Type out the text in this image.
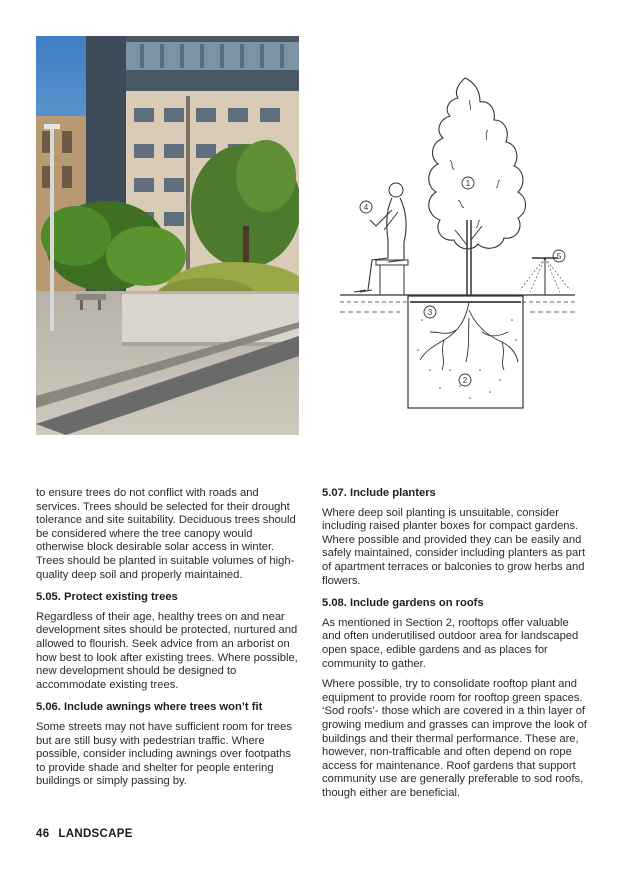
1
2
3
4
5

to ensure trees do not conflict with roads and services. Trees should be selected for their drought tolerance and site suitability. Deciduous trees should be considered where the tree canopy would otherwise block desirable solar access in winter. Trees should be planted in suitable volumes of high-quality deep soil and properly maintained.

5.05. Protect existing trees

Regardless of their age, healthy trees on and near development sites should be protected, nurtured and allowed to flourish. Seek advice from an arborist on how best to look after existing trees. Where possible, new development should be designed to accommodate existing trees.

5.06. Include awnings where trees won’t fit

Some streets may not have sufficient room for trees but are still busy with pedestrian traffic. Where possible, consider including awnings over footpaths to provide shade and shelter for people entering buildings or simply passing by.

5.07. Include planters

Where deep soil planting is unsuitable, consider including raised planter boxes for compact gardens. Where possible and provided they can be easily and safely maintained, consider including planters as part of apartment terraces or balconies to grow herbs and flowers.

5.08. Include gardens on roofs

As mentioned in Section 2, rooftops offer valuable and often underutilised outdoor area for landscaped open space, edible gardens and as places for community to gather.

Where possible, try to consolidate rooftop plant and equipment to provide room for rooftop green spaces. ‘Sod roofs’- those which are covered in a thin layer of growing medium and grasses can improve the look of buildings and their thermal performance. These are, however, non-trafficable and often depend on rope access for maintenance. Roof gardens that support community use are generally preferable to sod roofs, though either are beneficial.

46 LANDSCAPE
